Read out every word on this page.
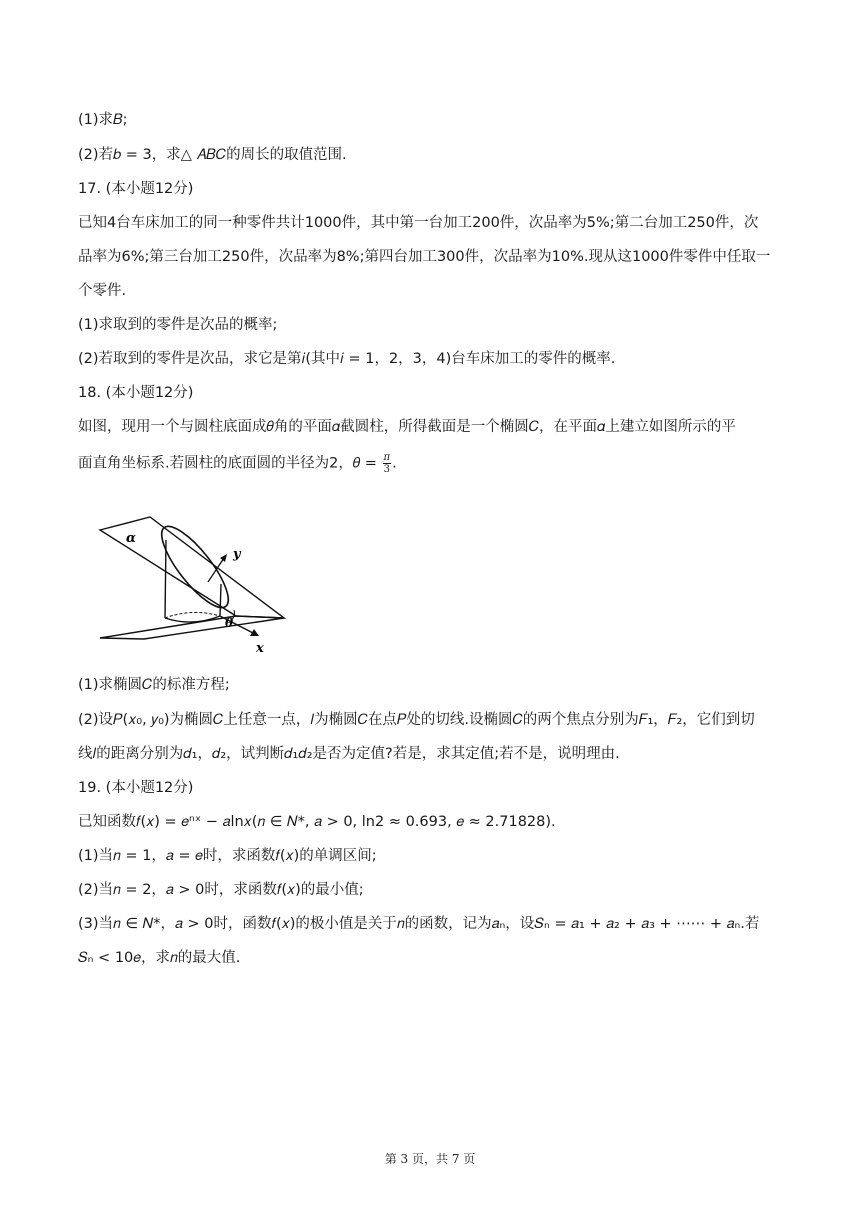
(1)求𝐵;
(2)若𝑏 = 3，求△ 𝐴𝐵𝐶的周长的取值范围.
17. (本小题12分)
已知4台车床加工的同一种零件共计1000件，其中第一台加工200件，次品率为5%;第二台加工250件，次
品率为6%;第三台加工250件，次品率为8%;第四台加工300件，次品率为10%.现从这1000件零件中任取一
个零件.
(1)求取到的零件是次品的概率;
(2)若取到的零件是次品，求它是第𝑖(其中𝑖 = 1，2，3，4)台车床加工的零件的概率.
18. (本小题12分)
如图，现用一个与圆柱底面成𝜃角的平面𝛼截圆柱，所得截面是一个椭圆𝐶，在平面𝛼上建立如图所示的平
面直角坐标系.若圆柱的底面圆的半径为2，𝜃 = $\frac{\pi}{3}$ .
α
y
θ
x
(1)求椭圆𝐶的标准方程;
(2)设𝑃(𝑥₀, 𝑦₀)为椭圆𝐶上任意一点，𝑙为椭圆𝐶在点𝑃处的切线.设椭圆𝐶的两个焦点分别为𝐹₁，𝐹₂，它们到切
线𝑙的距离分别为𝑑₁，𝑑₂，试判断𝑑₁𝑑₂是否为定值?若是，求其定值;若不是，说明理由.
19. (本小题12分)
已知函数𝑓(𝑥) = 𝑒ⁿˣ − 𝑎ln𝑥(𝑛 ∈ 𝑁*, 𝑎 > 0, ln2 ≈ 0.693, 𝑒 ≈ 2.71828).
(1)当𝑛 = 1，𝑎 = 𝑒时，求函数𝑓(𝑥)的单调区间;
(2)当𝑛 = 2，𝑎 > 0时，求函数𝑓(𝑥)的最小值;
(3)当𝑛 ∈ 𝑁*，𝑎 > 0时，函数𝑓(𝑥)的极小值是关于𝑛的函数，记为𝑎ₙ，设𝑆ₙ = 𝑎₁ + 𝑎₂ + 𝑎₃ + ⋯⋯ + 𝑎ₙ.若
𝑆ₙ < 10𝑒，求𝑛的最大值.
第 3 页，共 7 页
